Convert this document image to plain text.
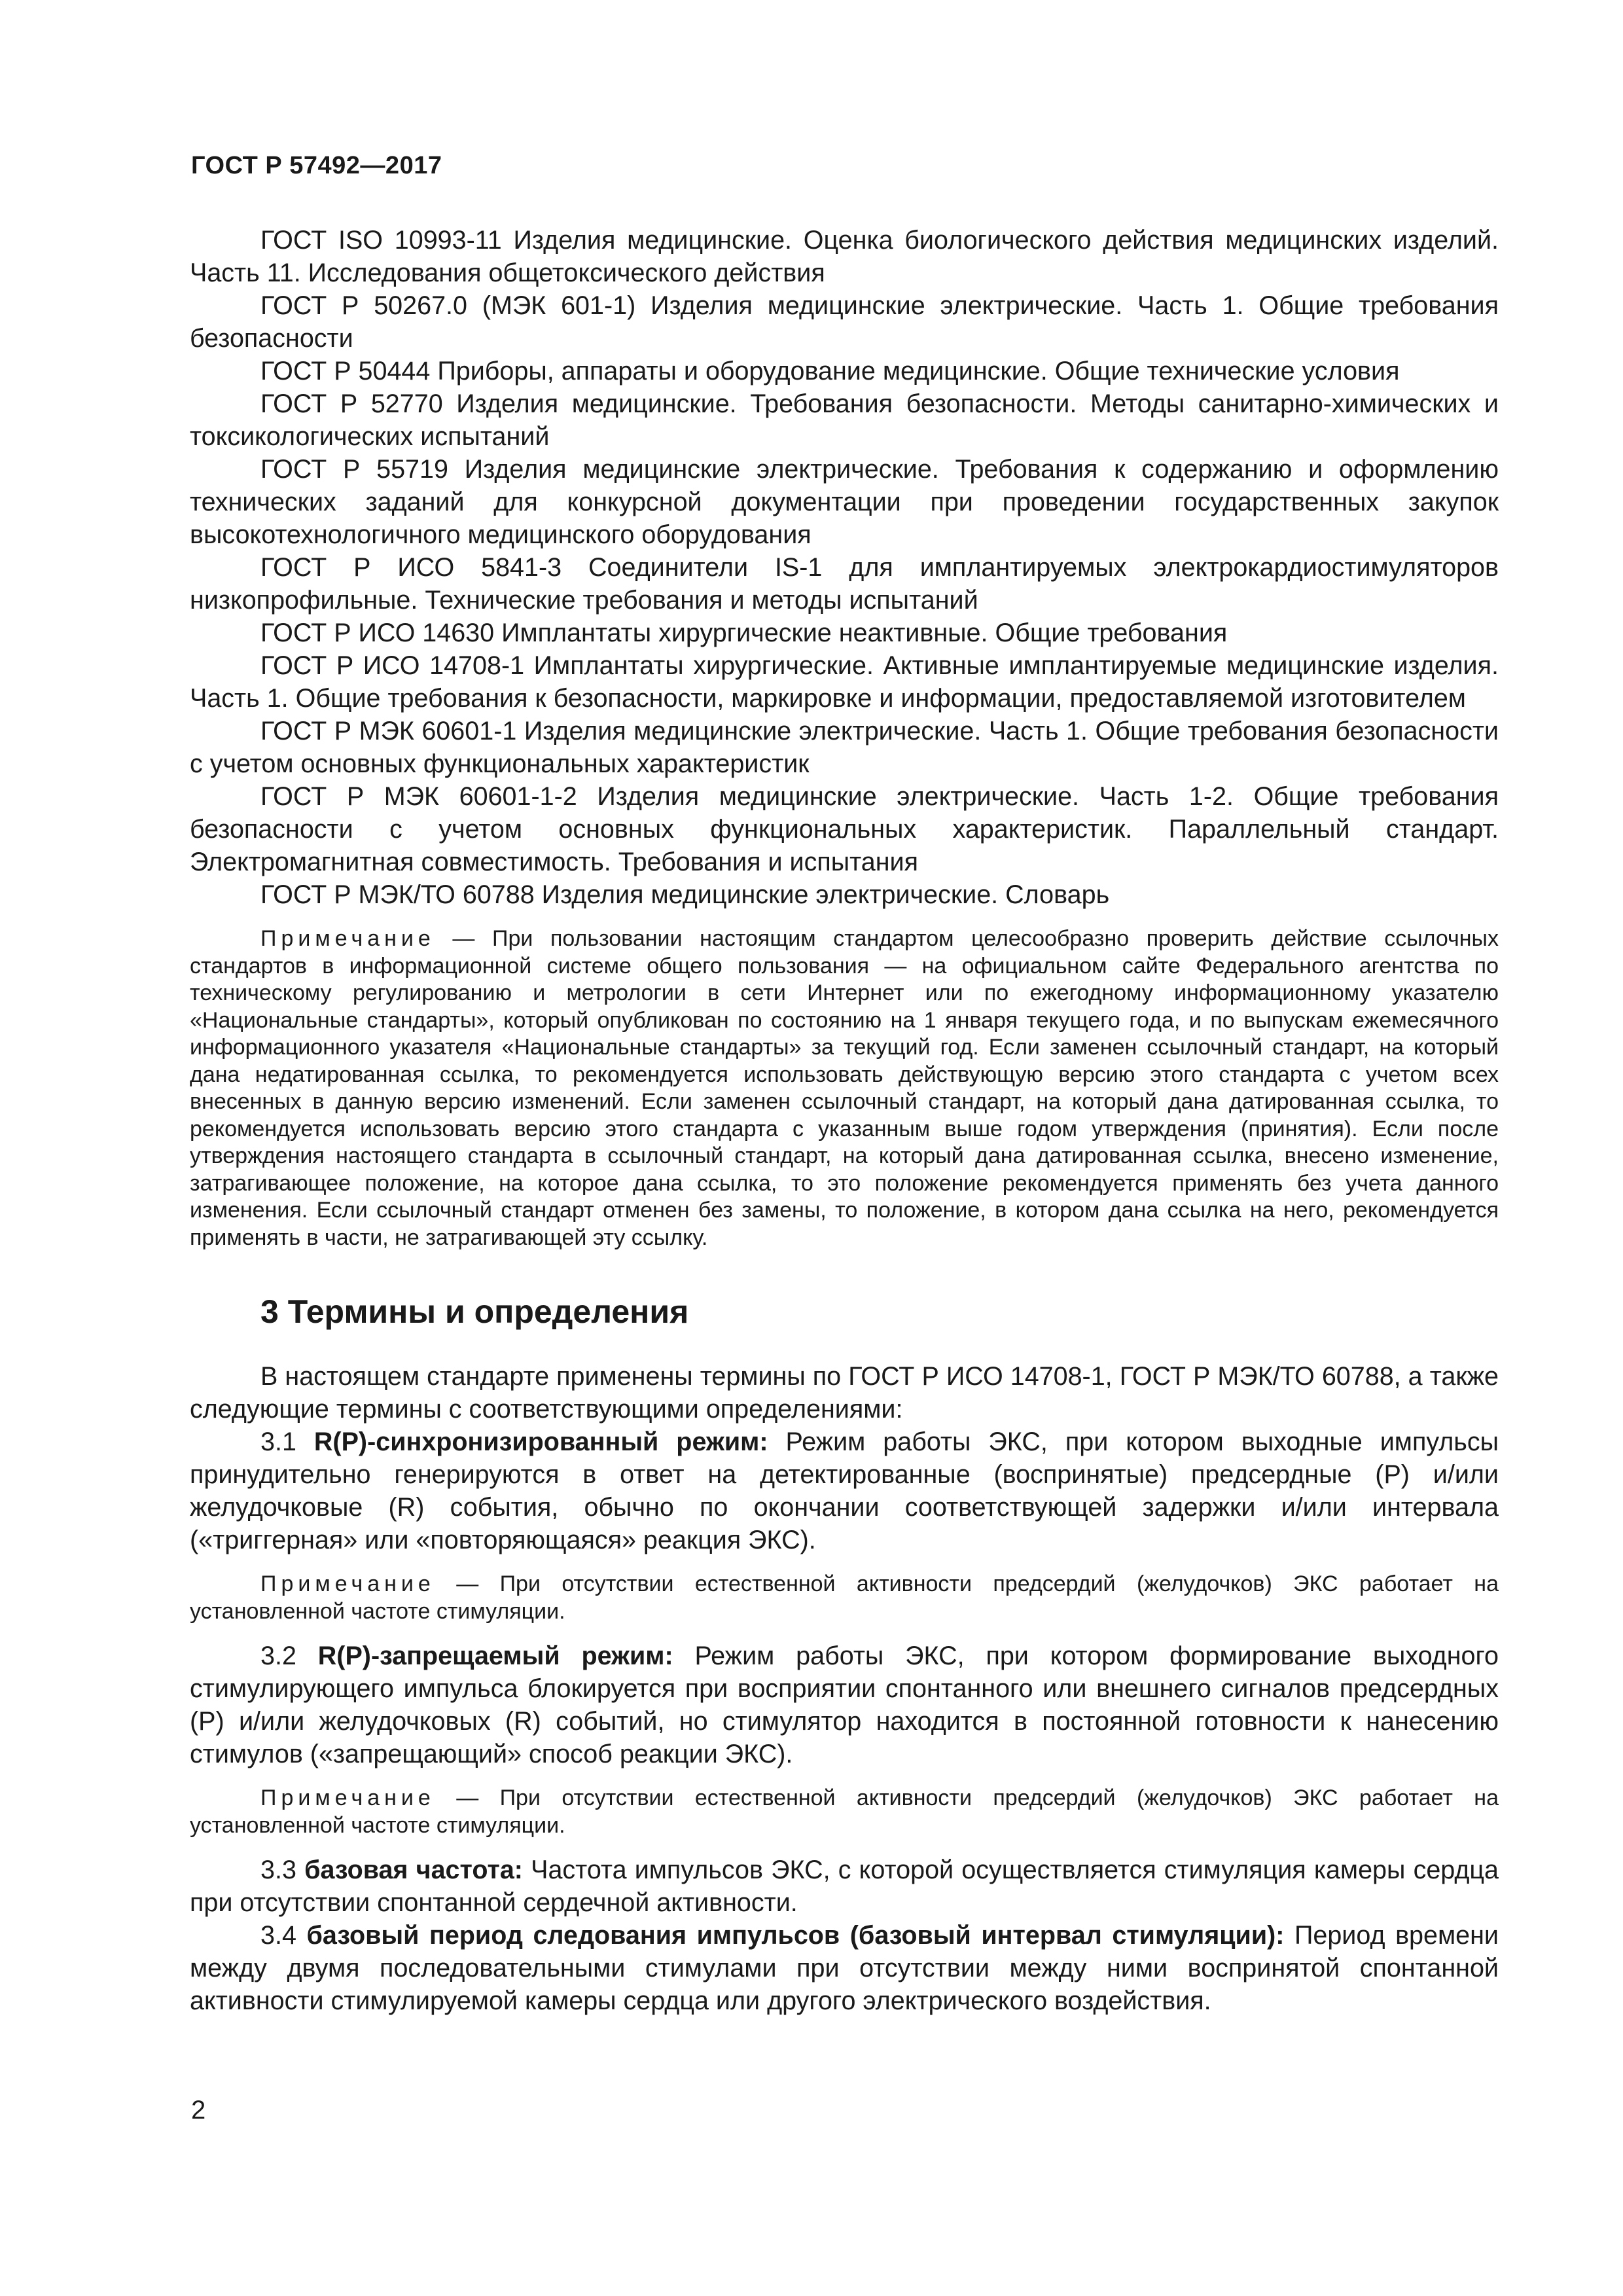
ГОСТ Р 57492—2017

ГОСТ ISO 10993-11 Изделия медицинские. Оценка биологического действия медицинских изделий. Часть 11. Исследования общетоксического действия

ГОСТ Р 50267.0 (МЭК 601-1) Изделия медицинские электрические. Часть 1. Общие требования безопасности

ГОСТ Р 50444 Приборы, аппараты и оборудование медицинские. Общие технические условия

ГОСТ Р 52770 Изделия медицинские. Требования безопасности. Методы санитарно-химических и токсикологических испытаний

ГОСТ Р 55719 Изделия медицинские электрические. Требования к содержанию и оформлению технических заданий для конкурсной документации при проведении государственных закупок высокотехнологичного медицинского оборудования

ГОСТ Р ИСО 5841-3 Соединители IS-1 для имплантируемых электрокардиостимуляторов низкопрофильные. Технические требования и методы испытаний

ГОСТ Р ИСО 14630 Имплантаты хирургические неактивные. Общие требования

ГОСТ Р ИСО 14708-1 Имплантаты хирургические. Активные имплантируемые медицинские изделия. Часть 1. Общие требования к безопасности, маркировке и информации, предоставляемой изготовителем

ГОСТ Р МЭК 60601-1 Изделия медицинские электрические. Часть 1. Общие требования безопасности с учетом основных функциональных характеристик

ГОСТ Р МЭК 60601-1-2 Изделия медицинские электрические. Часть 1-2. Общие требования безопасности с учетом основных функциональных характеристик. Параллельный стандарт. Электромагнитная совместимость. Требования и испытания

ГОСТ Р МЭК/ТО 60788 Изделия медицинские электрические. Словарь

Примечание — При пользовании настоящим стандартом целесообразно проверить действие ссылочных стандартов в информационной системе общего пользования — на официальном сайте Федерального агентства по техническому регулированию и метрологии в сети Интернет или по ежегодному информационному указателю «Национальные стандарты», который опубликован по состоянию на 1 января текущего года, и по выпускам ежемесячного информационного указателя «Национальные стандарты» за текущий год. Если заменен ссылочный стандарт, на который дана недатированная ссылка, то рекомендуется использовать действующую версию этого стандарта с учетом всех внесенных в данную версию изменений. Если заменен ссылочный стандарт, на который дана датированная ссылка, то рекомендуется использовать версию этого стандарта с указанным выше годом утверждения (принятия). Если после утверждения настоящего стандарта в ссылочный стандарт, на который дана датированная ссылка, внесено изменение, затрагивающее положение, на которое дана ссылка, то это положение рекомендуется применять без учета данного изменения. Если ссылочный стандарт отменен без замены, то положение, в котором дана ссылка на него, рекомендуется применять в части, не затрагивающей эту ссылку.

3 Термины и определения

В настоящем стандарте применены термины по ГОСТ Р ИСО 14708-1, ГОСТ Р МЭК/ТО 60788, а также следующие термины с соответствующими определениями:

3.1 R(Р)-синхронизированный режим: Режим работы ЭКС, при котором выходные импульсы принудительно генерируются в ответ на детектированные (воспринятые) предсердные (Р) и/или желудочковые (R) события, обычно по окончании соответствующей задержки и/или интервала («триггерная» или «повторяющаяся» реакция ЭКС).

Примечание — При отсутствии естественной активности предсердий (желудочков) ЭКС работает на установленной частоте стимуляции.

3.2 R(Р)-запрещаемый режим: Режим работы ЭКС, при котором формирование выходного стимулирующего импульса блокируется при восприятии спонтанного или внешнего сигналов предсердных (Р) и/или желудочковых (R) событий, но стимулятор находится в постоянной готовности к нанесению стимулов («запрещающий» способ реакции ЭКС).

Примечание — При отсутствии естественной активности предсердий (желудочков) ЭКС работает на установленной частоте стимуляции.

3.3 базовая частота: Частота импульсов ЭКС, с которой осуществляется стимуляция камеры сердца при отсутствии спонтанной сердечной активности.

3.4 базовый период следования импульсов (базовый интервал стимуляции): Период времени между двумя последовательными стимулами при отсутствии между ними воспринятой спонтанной активности стимулируемой камеры сердца или другого электрического воздействия.

2
